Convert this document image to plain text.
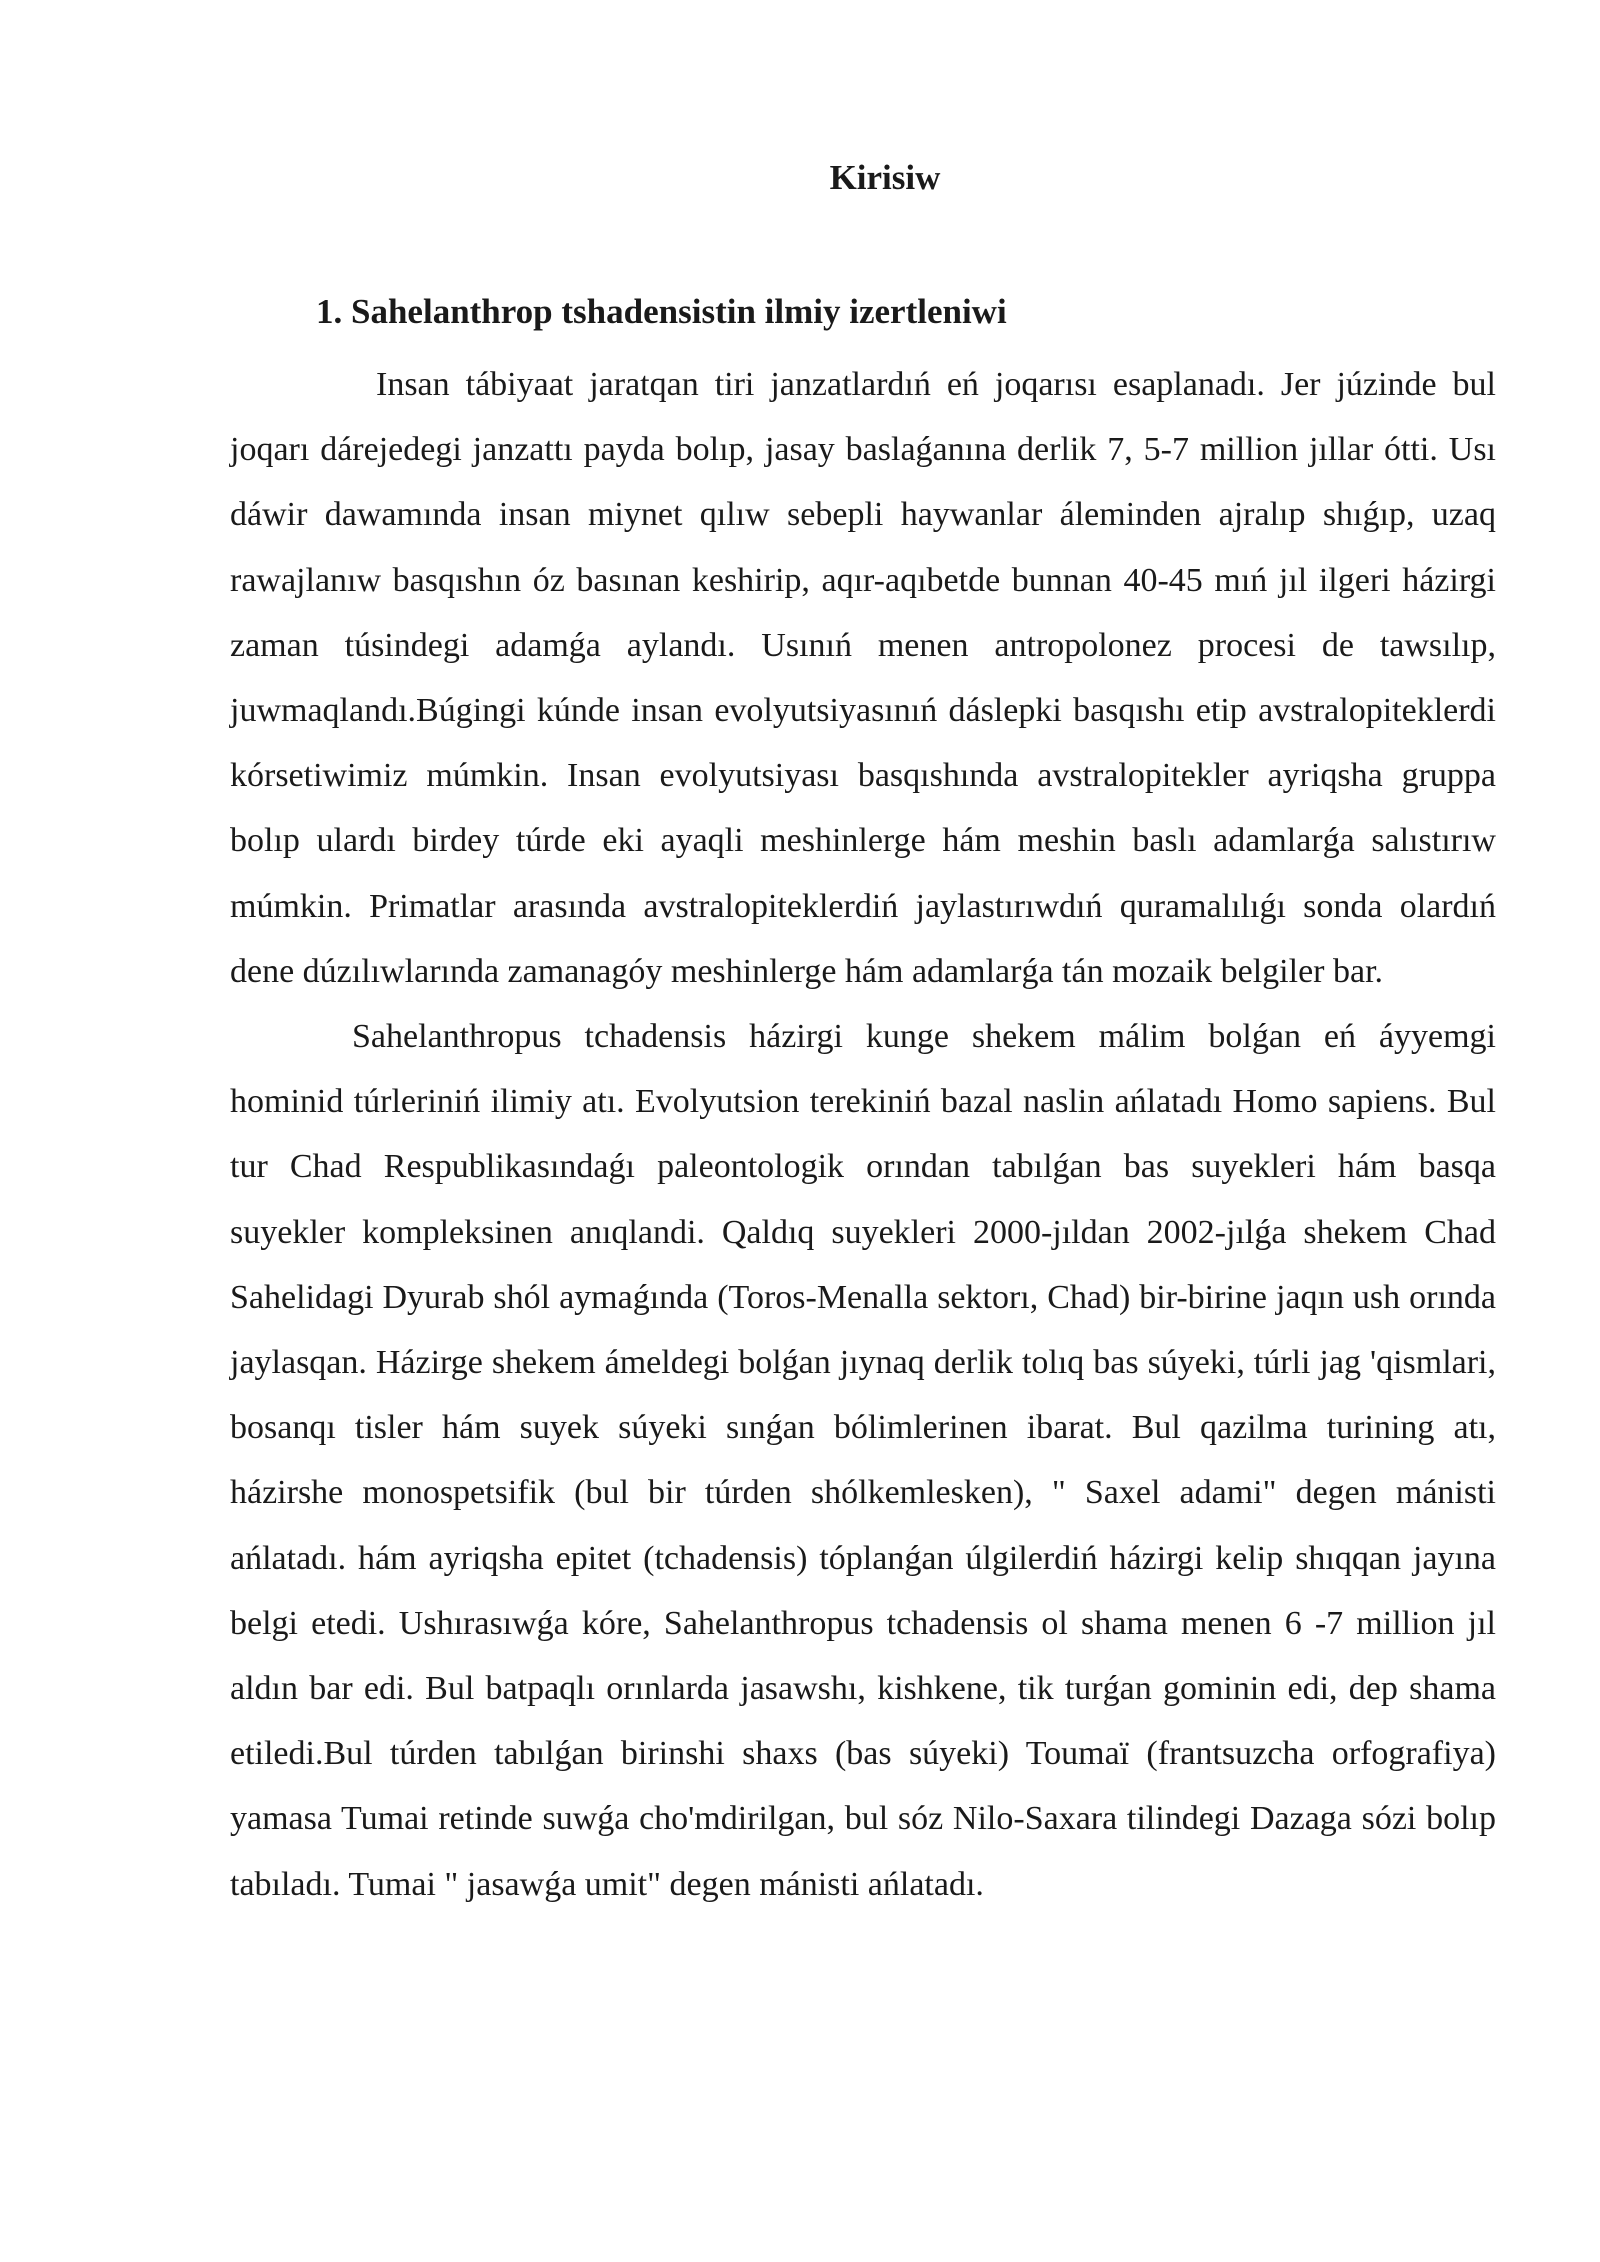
Kirisiw
1. Sahelanthrop tshadensistin ilmiy izertleniwi

Insan tábiyaat jaratqan tiri janzatlardıń eń joqarısı esaplanadı. Jer júzinde bul joqarı dárejedegi janzattı payda bolıp, jasay baslaǵanına derlik 7, 5-7 million jıllar ótti. Usı dáwir dawamında insan miynet qılıw sebepli haywanlar áleminden ajralıp shıǵıp, uzaq rawajlanıw basqıshın óz basınan keshirip, aqır-aqıbetde bunnan 40-45 mıń jıl ilgeri házirgi zaman túsindegi adamǵa aylandı. Usınıń menen antropolonez procesi de tawsılıp, juwmaqlandı.Búgingi kúnde insan evolyutsiyasınıń dáslepki basqıshı etip avstralopiteklerdi kórsetiwimiz múmkin. Insan evolyutsiyası basqıshında avstralopitekler ayriqsha gruppa bolıp ulardı birdey túrde eki ayaqli meshinlerge hám meshin baslı adamlarǵa salıstırıw múmkin. Primatlar arasında avstralopiteklerdiń jaylastırıwdıń quramalılıǵı sonda olardıń dene dúzılıwlarında zamanagóy meshinlerge hám adamlarǵa tán mozaik belgiler bar.

Sahelanthropus tchadensis házirgi kunge shekem málim bolǵan eń áyyemgi hominid túrleriniń ilimiy atı. Evolyutsion terekiniń bazal naslin ańlatadı Homo sapiens. Bul tur Chad Respublikasındaǵı paleontologik orından tabılǵan bas suyekleri hám basqa suyekler kompleksinen anıqlandi. Qaldıq suyekleri 2000-jıldan 2002-jılǵa shekem Chad Sahelidagi Dyurab shól aymaǵında (Toros-Menalla sektorı, Chad) bir-birine jaqın ush orında jaylasqan. Házirge shekem ámeldegi bolǵan jıynaq derlik tolıq bas súyeki, túrli jag 'qismlari, bosanqı tisler hám suyek súyeki sınǵan bólimlerinen ibarat. Bul qazilma turining atı, házirshe monospetsifik (bul bir túrden shólkemlesken), " Saxel adami" degen mánisti ańlatadı. hám ayriqsha epitet (tchadensis) tóplanǵan úlgilerdiń házirgi kelip shıqqan jayına belgi etedi. Ushırasıwǵa kóre, Sahelanthropus tchadensis ol shama menen 6 -7 million jıl aldın bar edi. Bul batpaqlı orınlarda jasawshı, kishkene, tik turǵan gominin edi, dep shama etiledi.Bul túrden tabılǵan birinshi shaxs (bas súyeki) Toumaï (frantsuzcha orfografiya) yamasa Tumai retinde suwǵa cho'mdirilgan, bul sóz Nilo-Saxara tilindegi Dazaga sózi bolıp tabıladı. Tumai " jasawǵa umit" degen mánisti ańlatadı.
